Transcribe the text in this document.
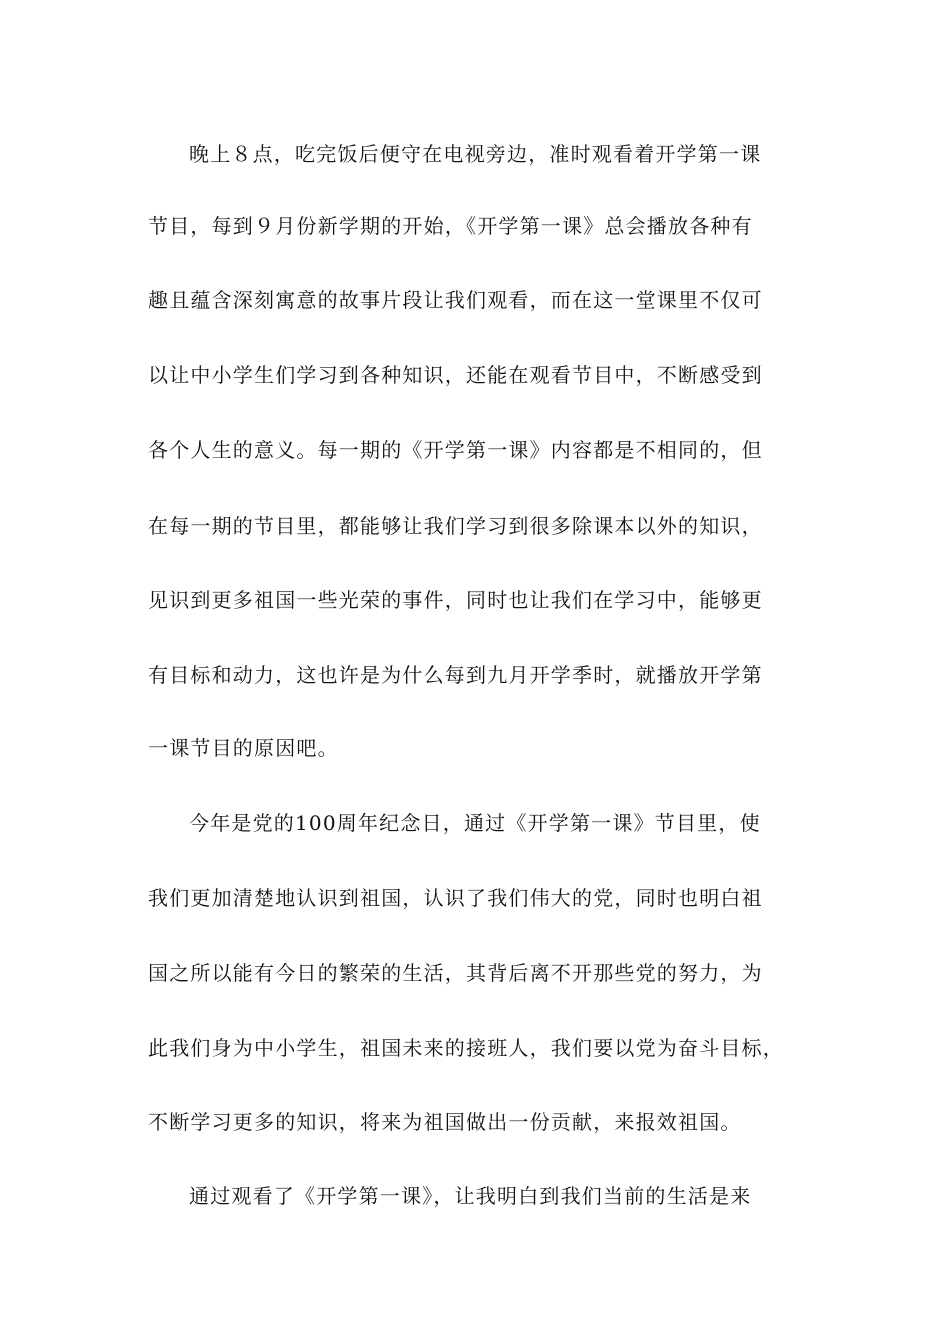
晚上８点，吃完饭后便守在电视旁边，准时观看着开学第一课
节目，每到９月份新学期的开始，《开学第一课》总会播放各种有
趣且蕴含深刻寓意的故事片段让我们观看，而在这一堂课里不仅可
以让中小学生们学习到各种知识，还能在观看节目中，不断感受到
各个人生的意义。每一期的《开学第一课》内容都是不相同的，但
在每一期的节目里，都能够让我们学习到很多除课本以外的知识，
见识到更多祖国一些光荣的事件，同时也让我们在学习中，能够更
有目标和动力，这也许是为什么每到九月开学季时，就播放开学第
一课节目的原因吧。
今年是党的100周年纪念日，通过《开学第一课》节目里，使
我们更加清楚地认识到祖国，认识了我们伟大的党，同时也明白祖
国之所以能有今日的繁荣的生活，其背后离不开那些党的努力，为
此我们身为中小学生，祖国未来的接班人，我们要以党为奋斗目标，
不断学习更多的知识，将来为祖国做出一份贡献，来报效祖国。
通过观看了《开学第一课》，让我明白到我们当前的生活是来
